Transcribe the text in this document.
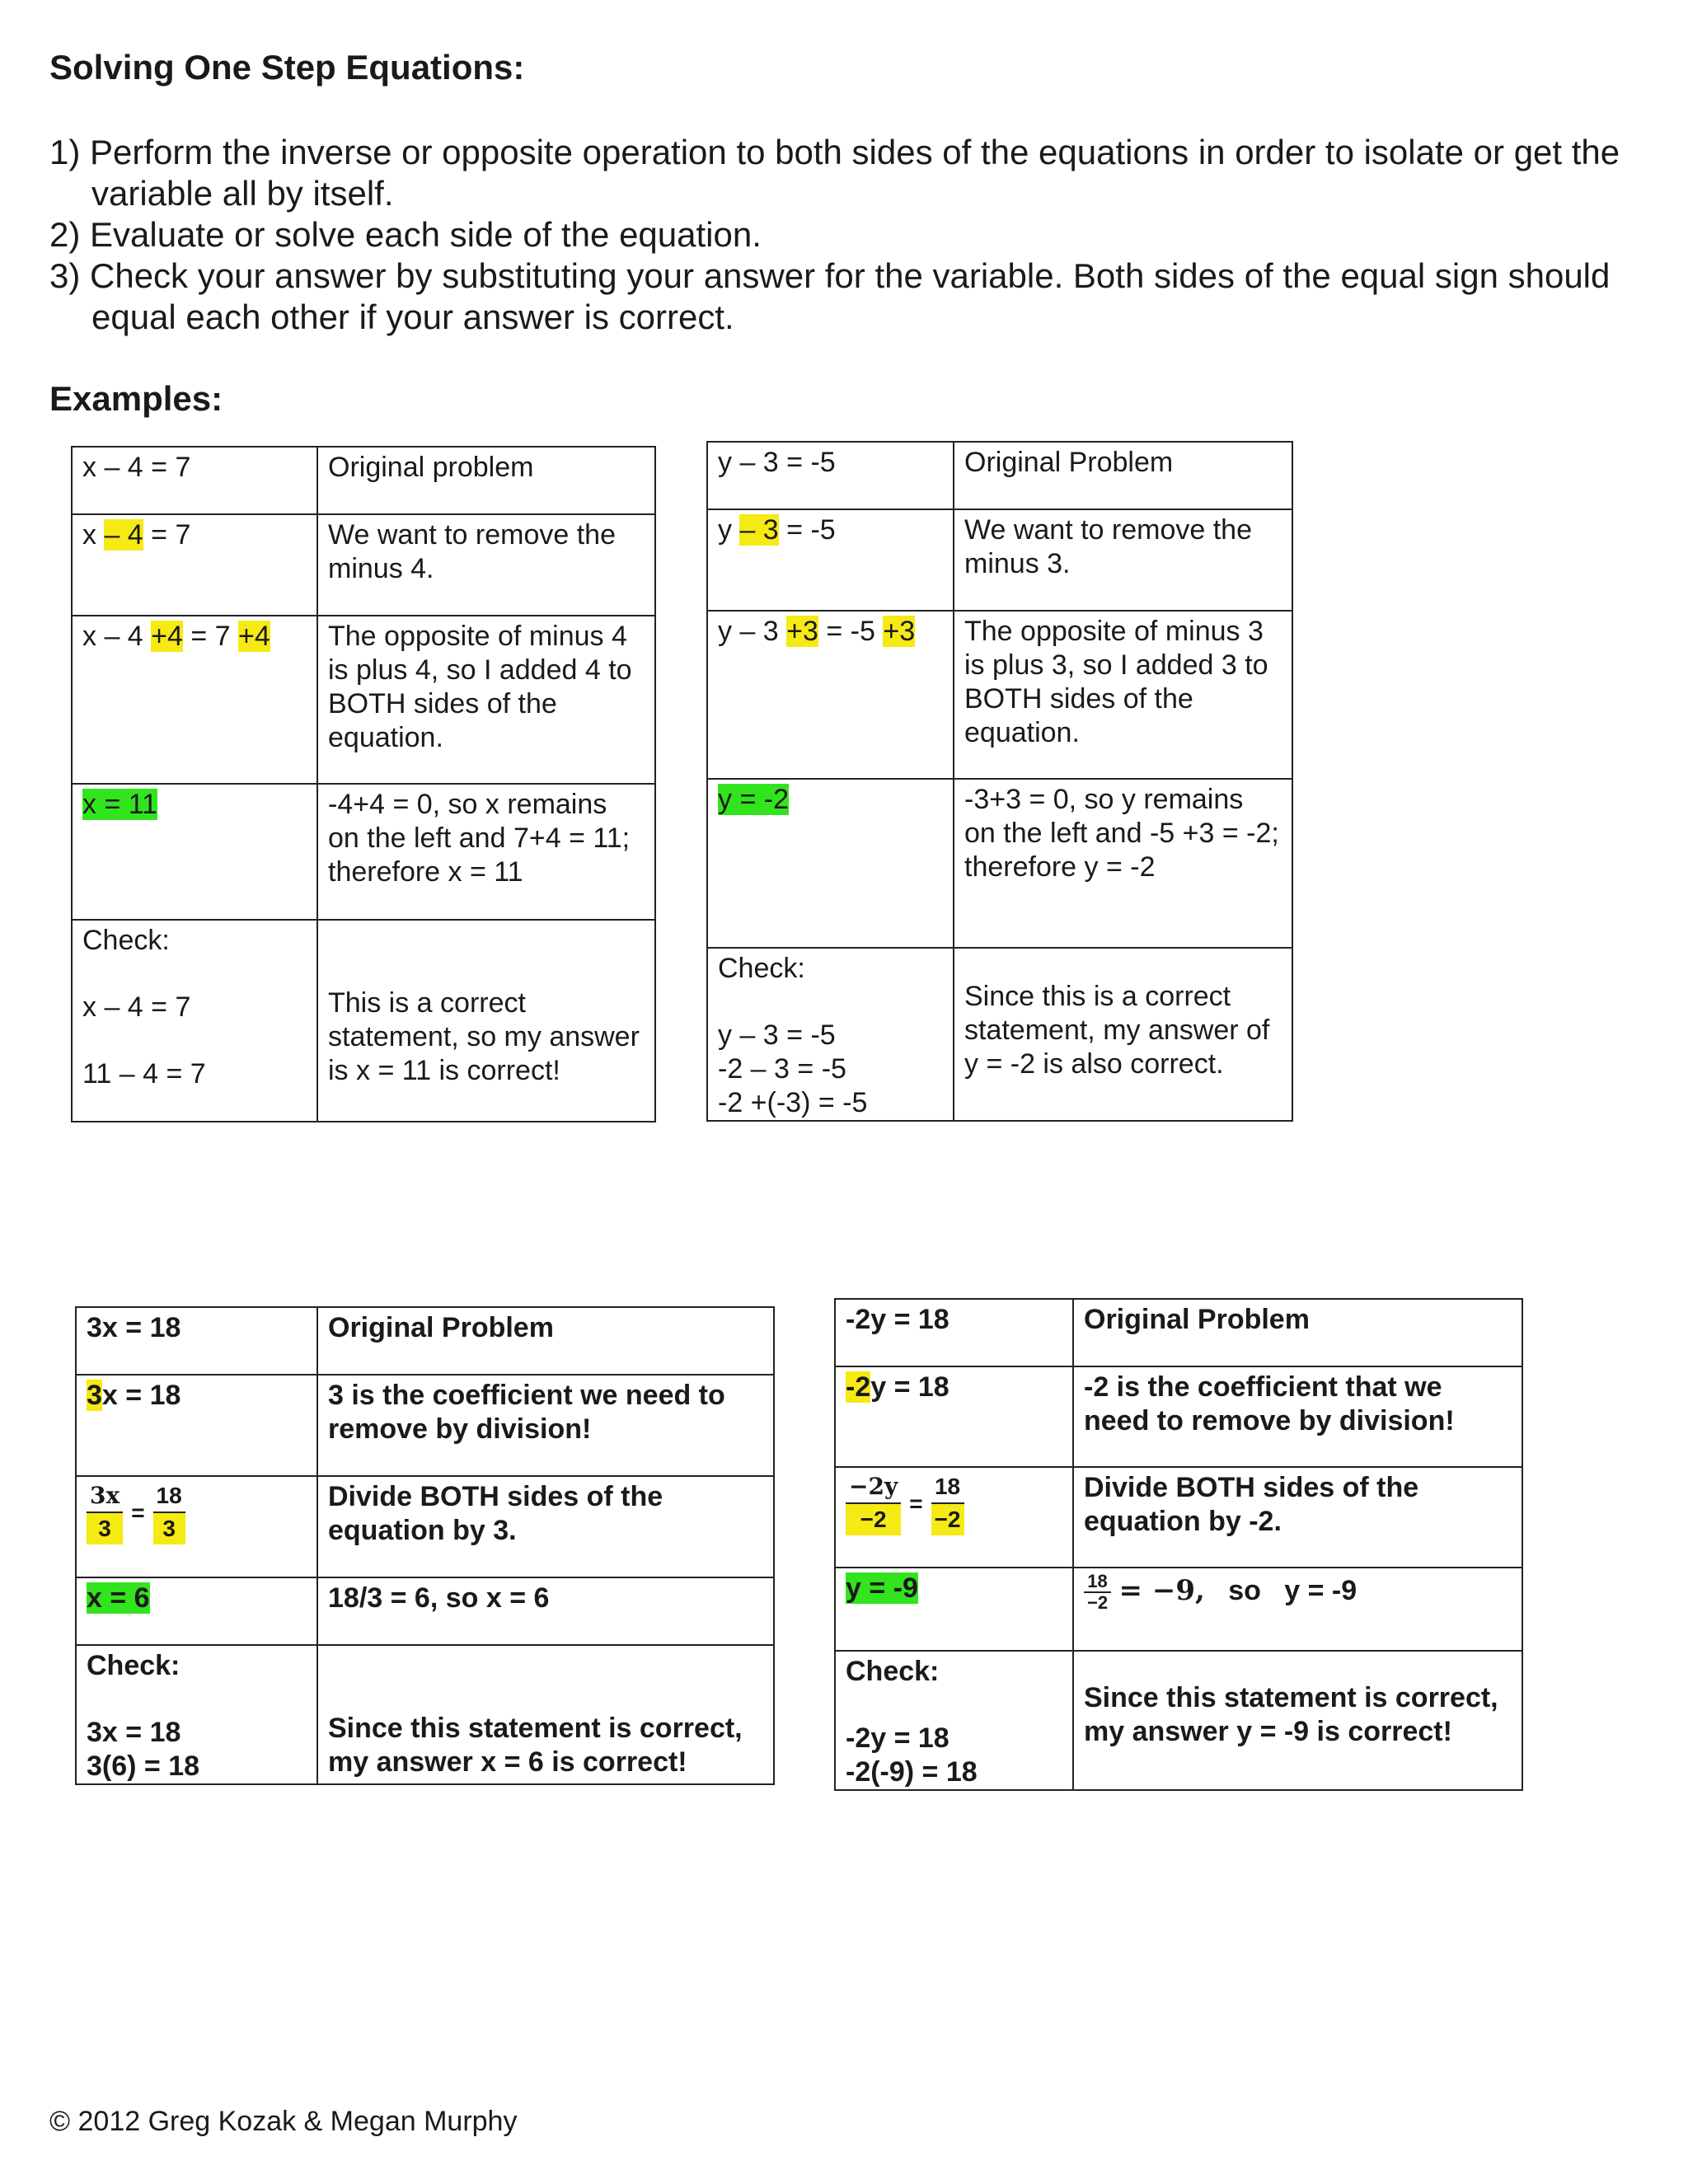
Solving One Step Equations:
1) Perform the inverse or opposite operation to both sides of the equations in order to isolate or get the variable all by itself.
2) Evaluate or solve each side of the equation.
3) Check your answer by substituting your answer for the variable. Both sides of the equal sign should equal each other if your answer is correct.
Examples:
x – 4 = 7	Original problem
x – 4 = 7	We want to remove the minus 4.
x – 4 +4 = 7 +4	The opposite of minus 4 is plus 4, so I added 4 to BOTH sides of the equation.
x = 11	-4+4 = 0, so x remains on the left and 7+4 = 11; therefore x = 11

Check:
x – 4 = 7
11 – 4 = 7	This is a correct statement, so my answer is x = 11 is correct!
y – 3 = -5	Original Problem
y – 3 = -5	We want to remove the minus 3.
y – 3 +3 = -5 +3	The opposite of minus 3 is plus 3, so I added 3 to BOTH sides of the equation.
y = -2	-3+3 = 0, so y remains on the left and -5 +3 = -2; therefore y = -2

Check:
y – 3 = -5
-2 – 3 = -5
-2 +(-3) = -5	Since this is a correct statement, my answer of y = -2 is also correct.
3x = 18	Original Problem
3x = 18	3 is the coefficient we need to remove by division!

$\frac{3x}{3} = \frac{18}{3}$	Divide BOTH sides of the equation by 3.
x = 6	18/3 = 6, so x = 6

Check:
3x = 18
3(6) = 18	Since this statement is correct, my answer x = 6 is correct!
-2y = 18	Original Problem
-2y = 18	-2 is the coefficient that we need to remove by division!

$\frac{-2y}{-2} = \frac{18}{-2}$	Divide BOTH sides of the equation by -2.
y = -9	$\frac{18}{-2} = -9$, so y = -9

Check:
-2y = 18
-2(-9) = 18	Since this statement is correct, my answer y = -9 is correct!
© 2012 Greg Kozak & Megan Murphy
